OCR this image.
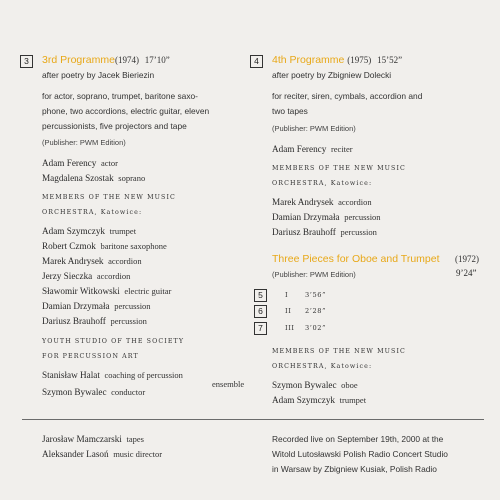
3	3rd Programme(1974) 17’10”
after poetry by Jacek Bieriezin
for actor, soprano, trumpet, baritone saxo-
phone, two accordions, electric guitar, eleven
percussionists, five projectors and tape
(Publisher: PWM Edition)
Adam Ferency actor
Magdalena Szostak soprano
MEMBERS OF THE NEW MUSIC
ORCHESTRA, Katowice:
Adam Szymczyk trumpet
Robert Czmok baritone saxophone
Marek Andrysek accordion
Jerzy Sieczka accordion
Sławomir Witkowski electric guitar
Damian Drzymała percussion
Dariusz Brauhoff percussion
YOUTH STUDIO OF THE SOCIETY
FOR PERCUSSION ART
Stanisław Halat coaching of percussion
ensemble
Szymon Bywalec conductor
4	4th Programme (1975) 15’52”
after poetry by Zbigniew Dolecki
for reciter, siren, cymbals, accordion and
two tapes
(Publisher: PWM Edition)
Adam Ferency reciter
MEMBERS OF THE NEW MUSIC
ORCHESTRA, Katowice:
Marek Andrysek accordion
Damian Drzymała percussion
Dariusz Brauhoff percussion
Three Pieces for Oboe and Trumpet (1972)
(Publisher: PWM Edition)	9’24”
5	I	3’56”
6	II 2’28”
7	III 3’02”
MEMBERS OF THE NEW MUSIC
ORCHESTRA, Katowice:
Szymon Bywalec oboe
Adam Szymczyk trumpet
Jarosław Mamczarski tapes
Aleksander Lasoń music director
Recorded live on September 19th, 2000 at the
Witold Lutosławski Polish Radio Concert Studio
in Warsaw by Zbigniew Kusiak, Polish Radio
